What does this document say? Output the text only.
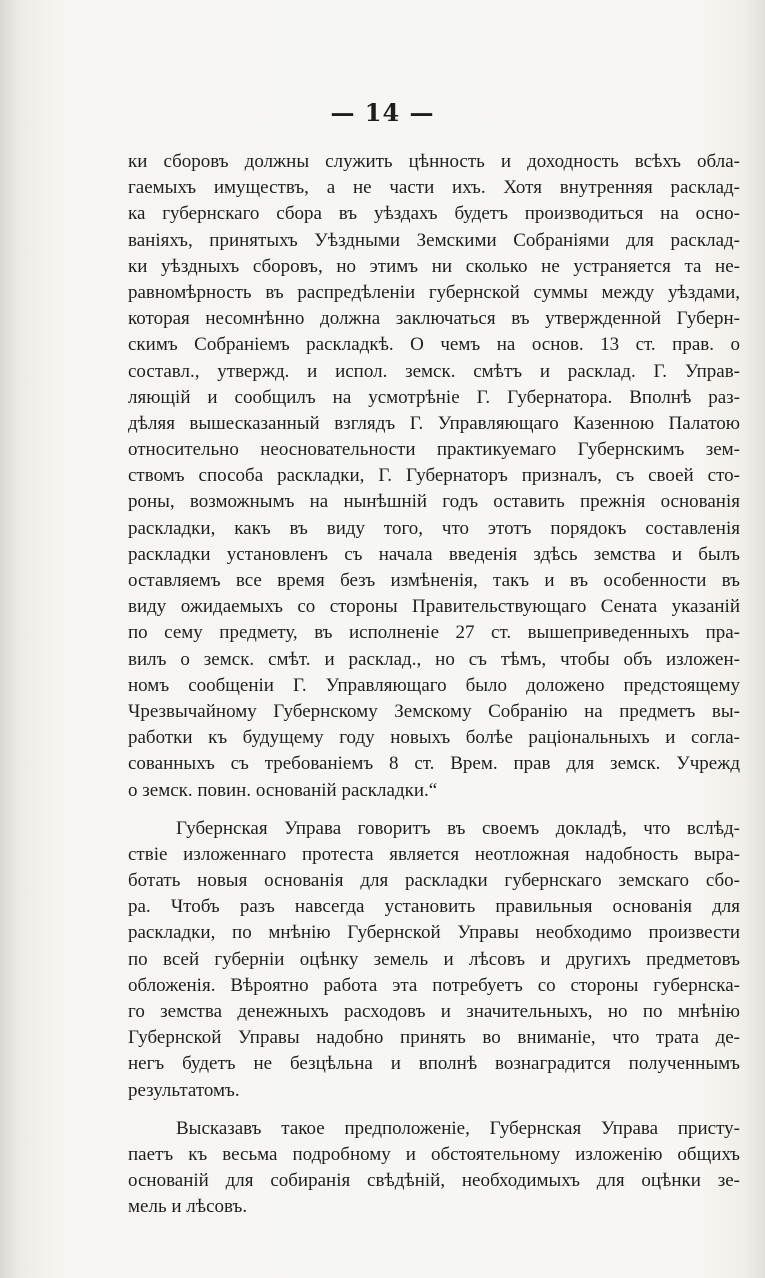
— 14 —
ки сборовъ должны служить цѣнность и доходность всѣхъ обла-
гаемыхъ имуществъ, а не части ихъ. Хотя внутренняя расклад-
ка губернскаго сбора въ уѣздахъ будетъ производиться на осно-
ваніяхъ, принятыхъ Уѣздными Земскими Собраніями для расклад-
ки уѣздныхъ сборовъ, но этимъ ни сколько не устраняется та не-
равномѣрность въ распредѣленіи губернской суммы между уѣздами,
которая несомнѣнно должна заключаться въ утвержденной Губерн-
скимъ Собраніемъ раскладкѣ. О чемъ на основ. 13 ст. прав. о
составл., утвержд. и испол. земск. смѣтъ и расклад. Г. Управ-
ляющій и сообщилъ на усмотрѣніе Г. Губернатора. Вполнѣ раз-
дѣляя вышесказанный взглядъ Г. Управляющаго Казенною Палатою
относительно неосновательности практикуемаго Губернскимъ зем-
ствомъ способа раскладки, Г. Губернаторъ призналъ, съ своей сто-
роны, возможнымъ на нынѣшній годъ оставить прежнія основанія
раскладки, какъ въ виду того, что этотъ порядокъ составленія
раскладки установленъ съ начала введенія здѣсь земства и былъ
оставляемъ все время безъ измѣненія, такъ и въ особенности въ
виду ожидаемыхъ со стороны Правительствующаго Сената указаній
по сему предмету, въ исполненіе 27 ст. вышеприведенныхъ пра-
вилъ о земск. смѣт. и расклад., но съ тѣмъ, чтобы объ изложен-
номъ сообщеніи Г. Управляющаго было доложено предстоящему
Чрезвычайному Губернскому Земскому Собранію на предметъ вы-
работки къ будущему году новыхъ болѣе раціональныхъ и согла-
сованныхъ съ требованіемъ 8 ст. Врем. прав для земск. Учрежд
о земск. повин. основаній раскладки.“
Губернская Управа говоритъ въ своемъ докладѣ, что вслѣд-
ствіе изложеннаго протеста является неотложная надобность выра-
ботать новыя основанія для раскладки губернскаго земскаго сбо-
ра. Чтобъ разъ навсегда установить правильныя основанія для
раскладки, по мнѣнію Губернской Управы необходимо произвести
по всей губерніи оцѣнку земель и лѣсовъ и другихъ предметовъ
обложенія. Вѣроятно работа эта потребуетъ со стороны губернска-
го земства денежныхъ расходовъ и значительныхъ, но по мнѣнію
Губернской Управы надобно принять во вниманіе, что трата де-
негъ будетъ не безцѣльна и вполнѣ вознаградится полученнымъ
результатомъ.
Высказавъ такое предположеніе, Губернская Управа присту-
паетъ къ весьма подробному и обстоятельному изложенію общихъ
основаній для собиранія свѣдѣній, необходимыхъ для оцѣнки зе-
мель и лѣсовъ.
